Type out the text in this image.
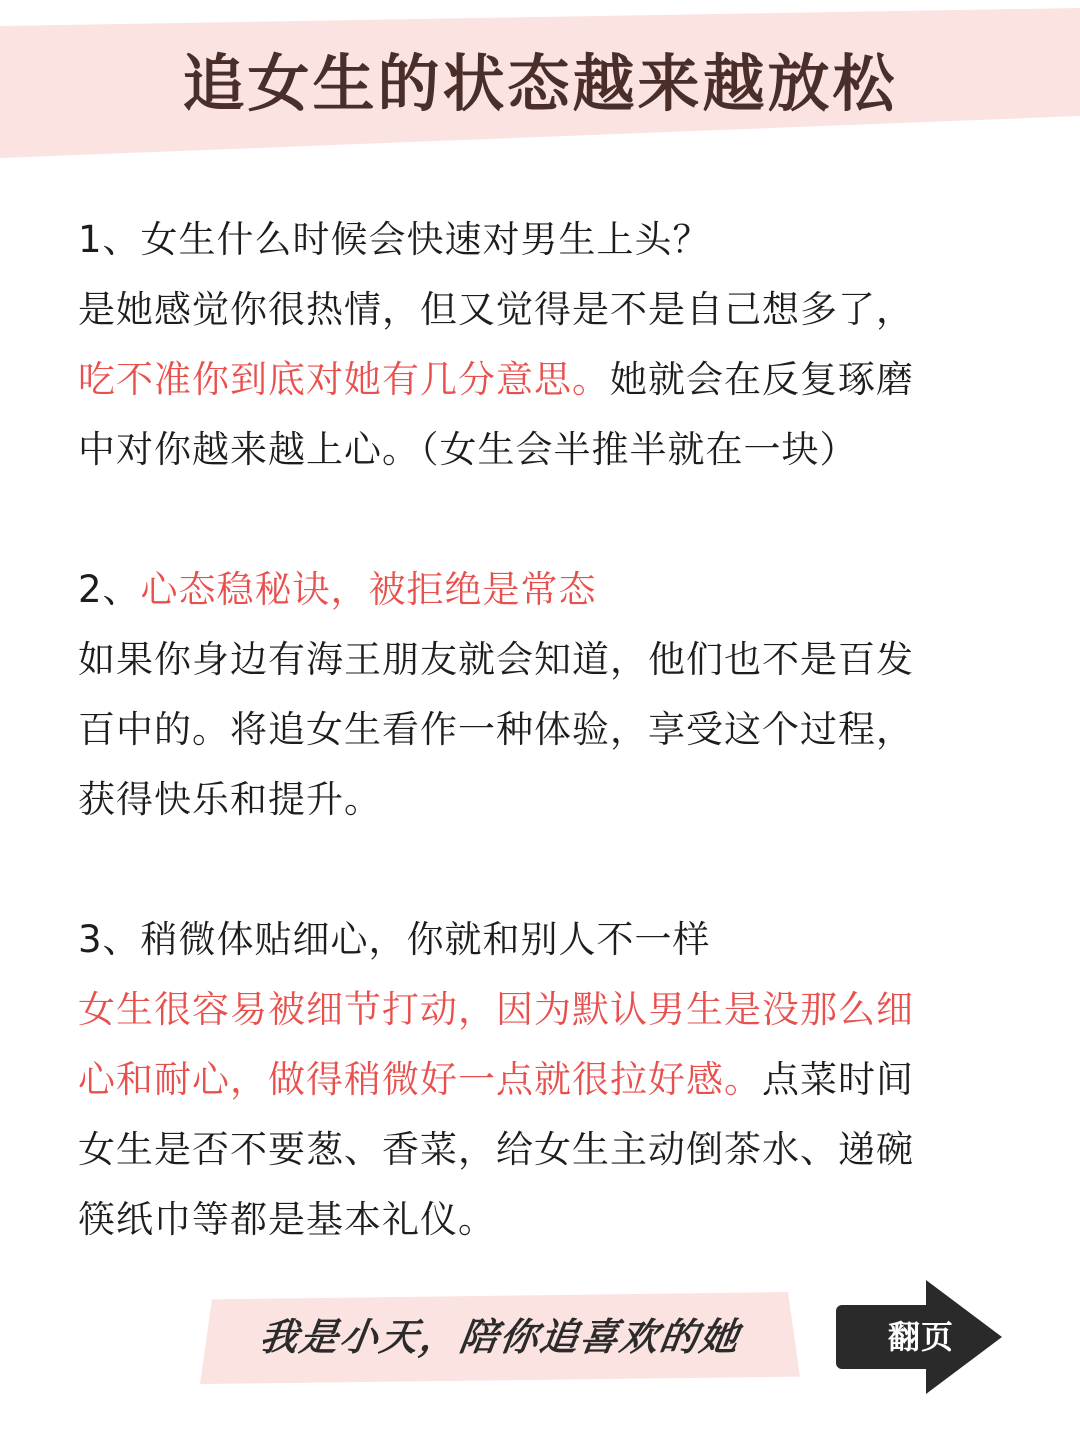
追女生的状态越来越放松
1、女生什么时候会快速对男生上头？
是她感觉你很热情，但又觉得是不是自己想多了，
吃不准你到底对她有几分意思。她就会在反复琢磨
中对你越来越上心。（女生会半推半就在一块）
2、心态稳秘诀，被拒绝是常态
如果你身边有海王朋友就会知道，他们也不是百发
百中的。将追女生看作一种体验，享受这个过程，
获得快乐和提升。
3、稍微体贴细心，你就和别人不一样
女生很容易被细节打动，因为默认男生是没那么细
心和耐心，做得稍微好一点就很拉好感。点菜时间
女生是否不要葱、香菜，给女生主动倒茶水、递碗
筷纸巾等都是基本礼仪。
我是小天，陪你追喜欢的她	翻页
